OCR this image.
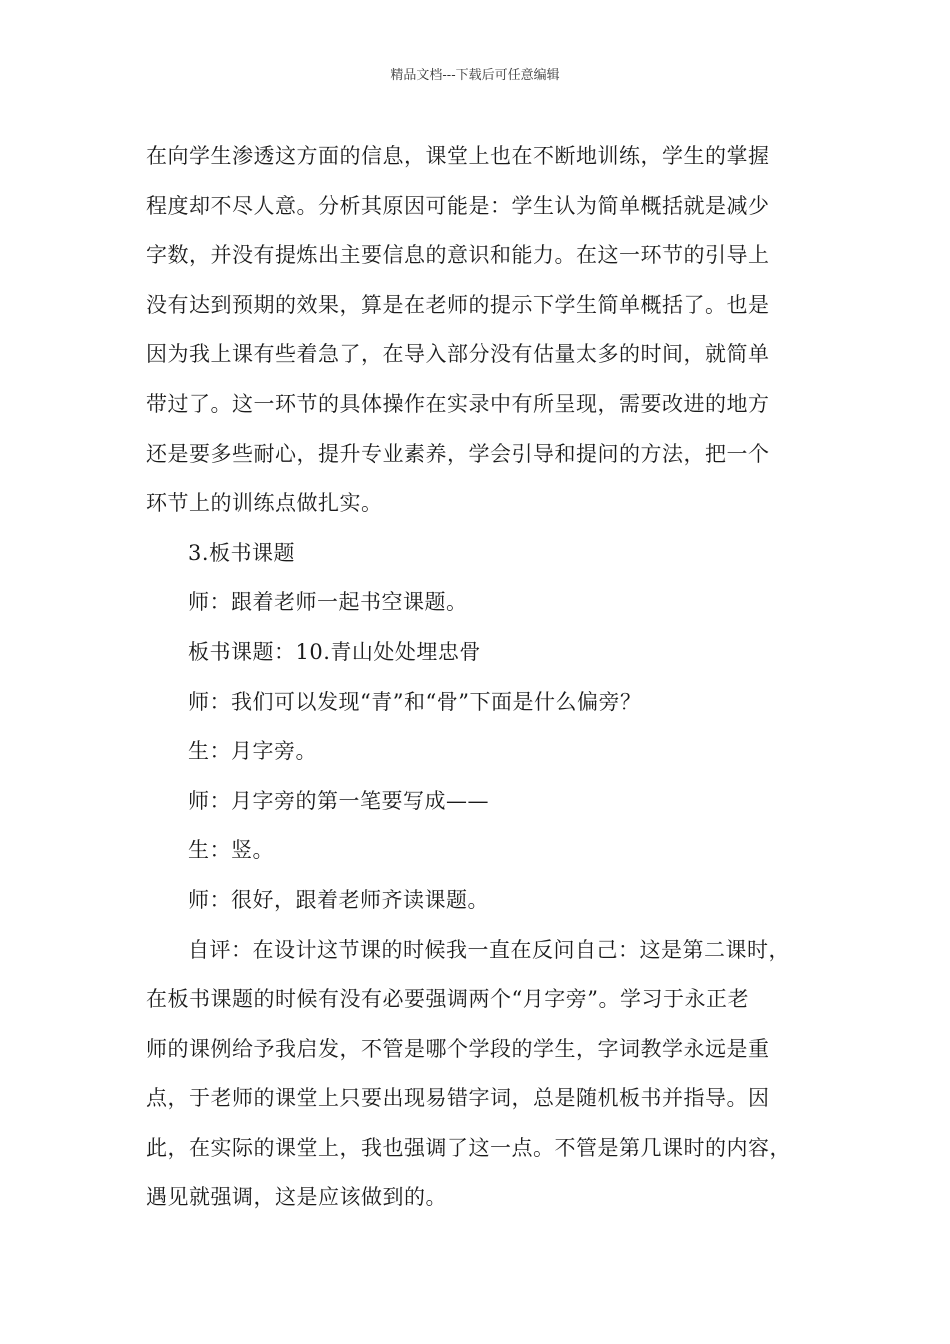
精品文档---下载后可任意编辑
在向学生渗透这方面的信息，课堂上也在不断地训练，学生的掌握
程度却不尽人意。分析其原因可能是：学生认为简单概括就是减少
字数，并没有提炼出主要信息的意识和能力。在这一环节的引导上
没有达到预期的效果，算是在老师的提示下学生简单概括了。也是
因为我上课有些着急了，在导入部分没有估量太多的时间，就简单
带过了。这一环节的具体操作在实录中有所呈现，需要改进的地方
还是要多些耐心，提升专业素养，学会引导和提问的方法，把一个
环节上的训练点做扎实。
3.板书课题
师：跟着老师一起书空课题。
板书课题：10.青山处处埋忠骨
师：我们可以发现“青”和“骨”下面是什么偏旁？
生：月字旁。
师：月字旁的第一笔要写成——
生：竖。
师：很好，跟着老师齐读课题。
自评：在设计这节课的时候我一直在反问自己：这是第二课时，
在板书课题的时候有没有必要强调两个“月字旁”。学习于永正老
师的课例给予我启发，不管是哪个学段的学生，字词教学永远是重
点，于老师的课堂上只要出现易错字词，总是随机板书并指导。因
此，在实际的课堂上，我也强调了这一点。不管是第几课时的内容，
遇见就强调，这是应该做到的。
